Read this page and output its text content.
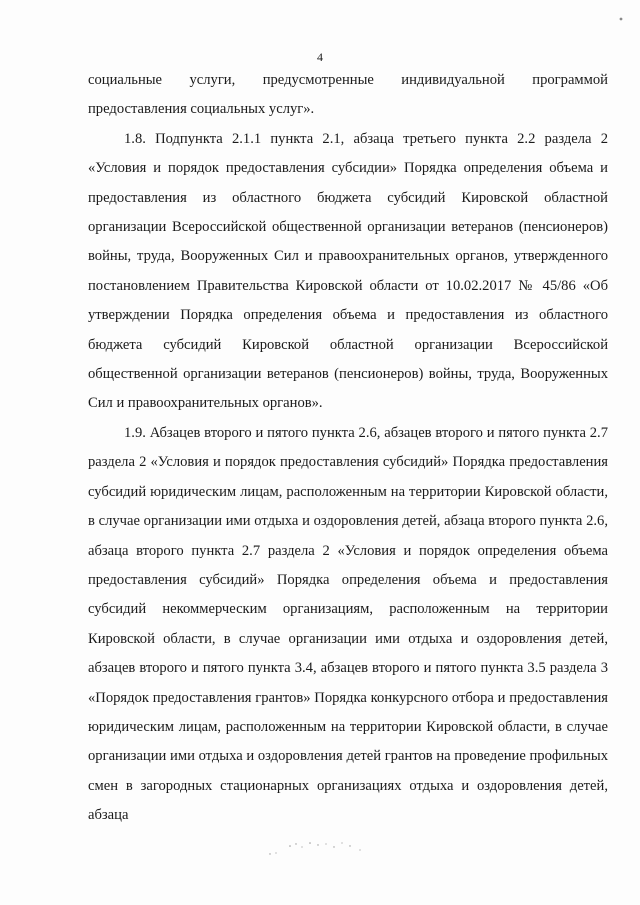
4

социальные услуги, предусмотренные индивидуальной программой предоставления социальных услуг».

1.8. Подпункта 2.1.1 пункта 2.1, абзаца третьего пункта 2.2 раздела 2 «Условия и порядок предоставления субсидии» Порядка определения объема и предоставления из областного бюджета субсидий Кировской областной организации Всероссийской общественной организации ветеранов (пенсионеров) войны, труда, Вооруженных Сил и правоохранительных органов, утвержденного постановлением Правительства Кировской области от 10.02.2017 № 45/86 «Об утверждении Порядка определения объема и предоставления из областного бюджета субсидий Кировской областной организации Всероссийской общественной организации ветеранов (пенсионеров) войны, труда, Вооруженных Сил и правоохранительных органов».

1.9. Абзацев второго и пятого пункта 2.6, абзацев второго и пятого пункта 2.7 раздела 2 «Условия и порядок предоставления субсидий» Порядка предоставления субсидий юридическим лицам, расположенным на территории Кировской области, в случае организации ими отдыха и оздоровления детей, абзаца второго пункта 2.6, абзаца второго пункта 2.7 раздела 2 «Условия и порядок определения объема предоставления субсидий» Порядка определения объема и предоставления субсидий некоммерческим организациям, расположенным на территории Кировской области, в случае организации ими отдыха и оздоровления детей, абзацев второго и пятого пункта 3.4, абзацев второго и пятого пункта 3.5 раздела 3 «Порядок предоставления грантов» Порядка конкурсного отбора и предоставления юридическим лицам, расположенным на территории Кировской области, в случае организации ими отдыха и оздоровления детей грантов на проведение профильных смен в загородных стационарных организациях отдыха и оздоровления детей, абзаца
